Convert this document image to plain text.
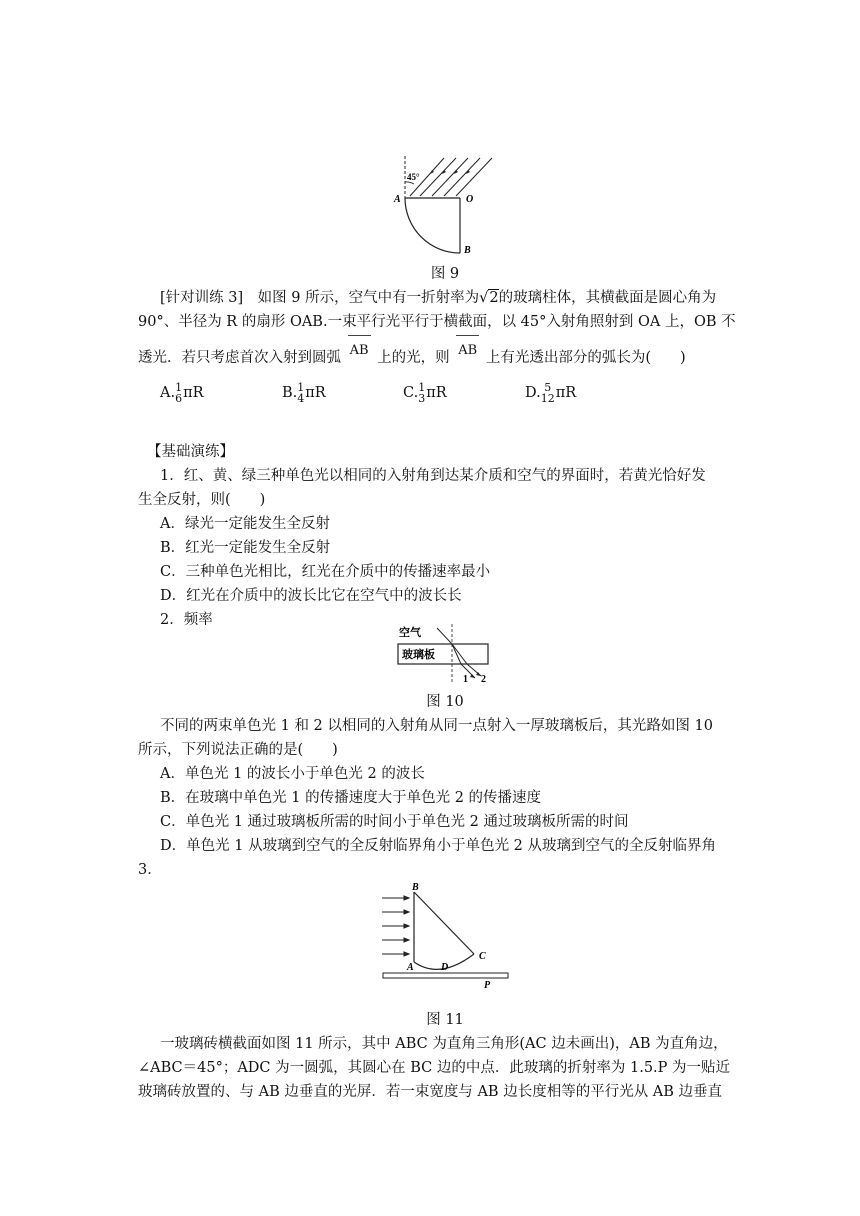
45°
A	O
B
图 9
[针对训练 3]　如图 9 所示，空气中有一折射率为√2的玻璃柱体，其横截面是圆心角为
90°、半径为 R 的扇形 OAB.一束平行光平行于横截面，以 45°入射角照射到 OA 上，OB 不
透光．若只考虑首次入射到圆弧 AB 上的光，则 AB 上有光透出部分的弧长为(　　)
A. 1
6 πR	B. 1
4 πR	C. 1
3 πR	D. 5
12 πR
【基础演练】
1．红、黄、绿三种单色光以相同的入射角到达某介质和空气的界面时，若黄光恰好发
生全反射，则(　　)
A．绿光一定能发生全反射
B．红光一定能发生全反射
C．三种单色光相比，红光在介质中的传播速率最小
D．红光在介质中的波长比它在空气中的波长长
2．频率
空气
玻璃板
1 2
图 10
不同的两束单色光 1 和 2 以相同的入射角从同一点射入一厚玻璃板后，其光路如图 10
所示，下列说法正确的是(　　)
A．单色光 1 的波长小于单色光 2 的波长
B．在玻璃中单色光 1 的传播速度大于单色光 2 的传播速度
C．单色光 1 通过玻璃板所需的时间小于单色光 2 通过玻璃板所需的时间
D．单色光 1 从玻璃到空气的全反射临界角小于单色光 2 从玻璃到空气的全反射临界角
3．
B
A	D
C
P
图 11
一玻璃砖横截面如图 11 所示，其中 ABC 为直角三角形(AC 边未画出)，AB 为直角边，
∠ABC＝45°；ADC 为一圆弧，其圆心在 BC 边的中点．此玻璃的折射率为 1.5.P 为一贴近
玻璃砖放置的、与 AB 边垂直的光屏．若一束宽度与 AB 边长度相等的平行光从 AB 边垂直
